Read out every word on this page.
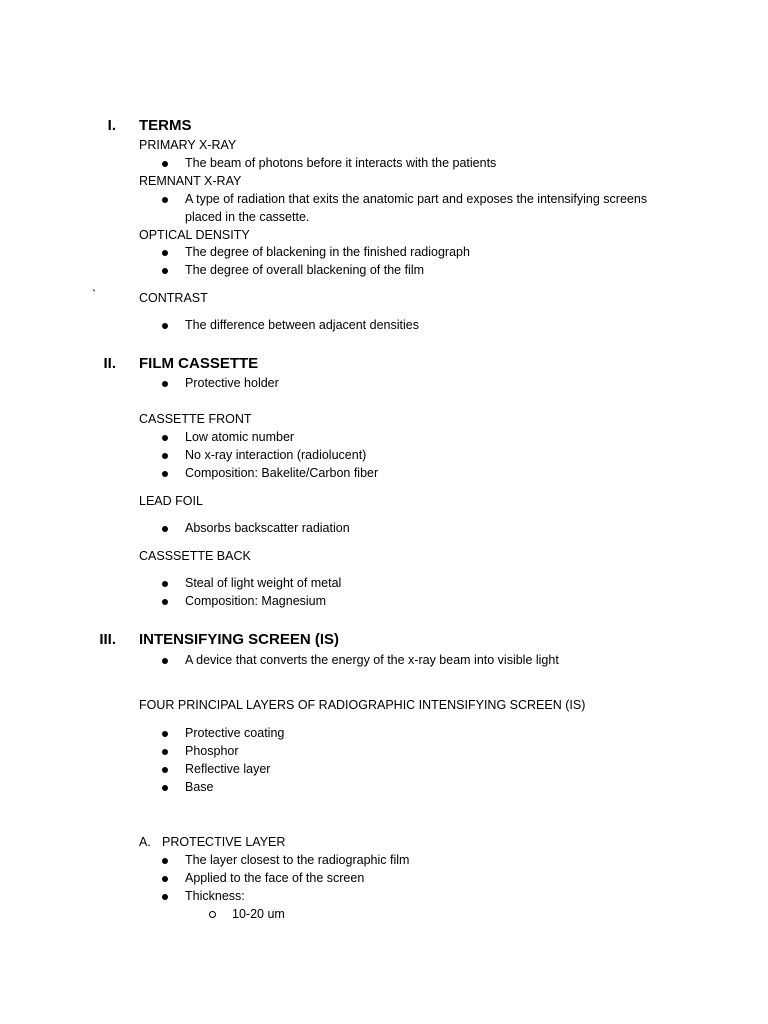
I. TERMS
PRIMARY X-RAY
The beam of photons before it interacts with the patients
REMNANT X-RAY
A type of radiation that exits the anatomic part and exposes the intensifying screens
placed in the cassette.
OPTICAL DENSITY
The degree of blackening in the finished radiograph
The degree of overall blackening of the film
`	CONTRAST
The difference between adjacent densities
II. FILM CASSETTE
Protective holder
CASSETTE FRONT
Low atomic number
No x-ray interaction (radiolucent)
Composition: Bakelite/Carbon fiber
LEAD FOIL
Absorbs backscatter radiation
CASSSETTE BACK
Steal of light weight of metal
Composition: Magnesium
III. INTENSIFYING SCREEN (IS)
A device that converts the energy of the x-ray beam into visible light
FOUR PRINCIPAL LAYERS OF RADIOGRAPHIC INTENSIFYING SCREEN (IS)
Protective coating
Phosphor
Reflective layer
Base
A. PROTECTIVE LAYER
The layer closest to the radiographic film
Applied to the face of the screen
Thickness:
10-20 um
